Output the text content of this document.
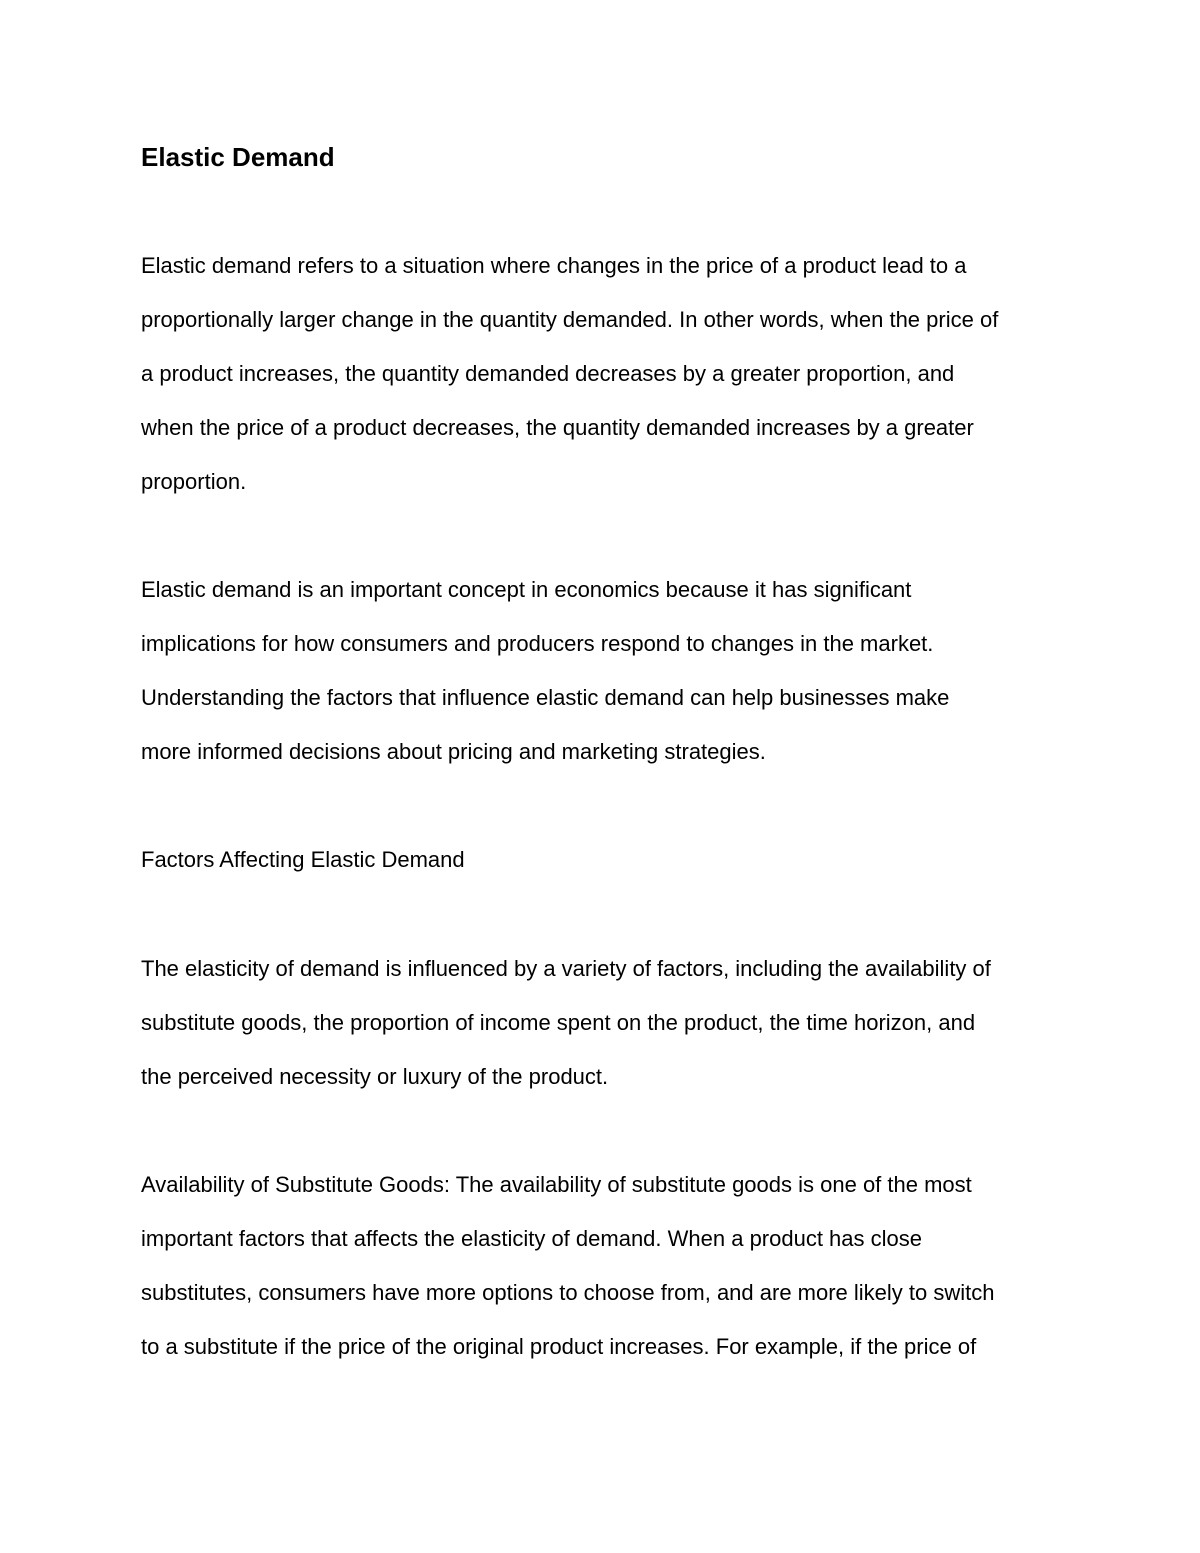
Elastic Demand

Elastic demand refers to a situation where changes in the price of a product lead to a

proportionally larger change in the quantity demanded. In other words, when the price of

a product increases, the quantity demanded decreases by a greater proportion, and

when the price of a product decreases, the quantity demanded increases by a greater

proportion.

Elastic demand is an important concept in economics because it has significant

implications for how consumers and producers respond to changes in the market.

Understanding the factors that influence elastic demand can help businesses make

more informed decisions about pricing and marketing strategies.

Factors Affecting Elastic Demand

The elasticity of demand is influenced by a variety of factors, including the availability of

substitute goods, the proportion of income spent on the product, the time horizon, and

the perceived necessity or luxury of the product.

Availability of Substitute Goods: The availability of substitute goods is one of the most

important factors that affects the elasticity of demand. When a product has close

substitutes, consumers have more options to choose from, and are more likely to switch

to a substitute if the price of the original product increases. For example, if the price of
